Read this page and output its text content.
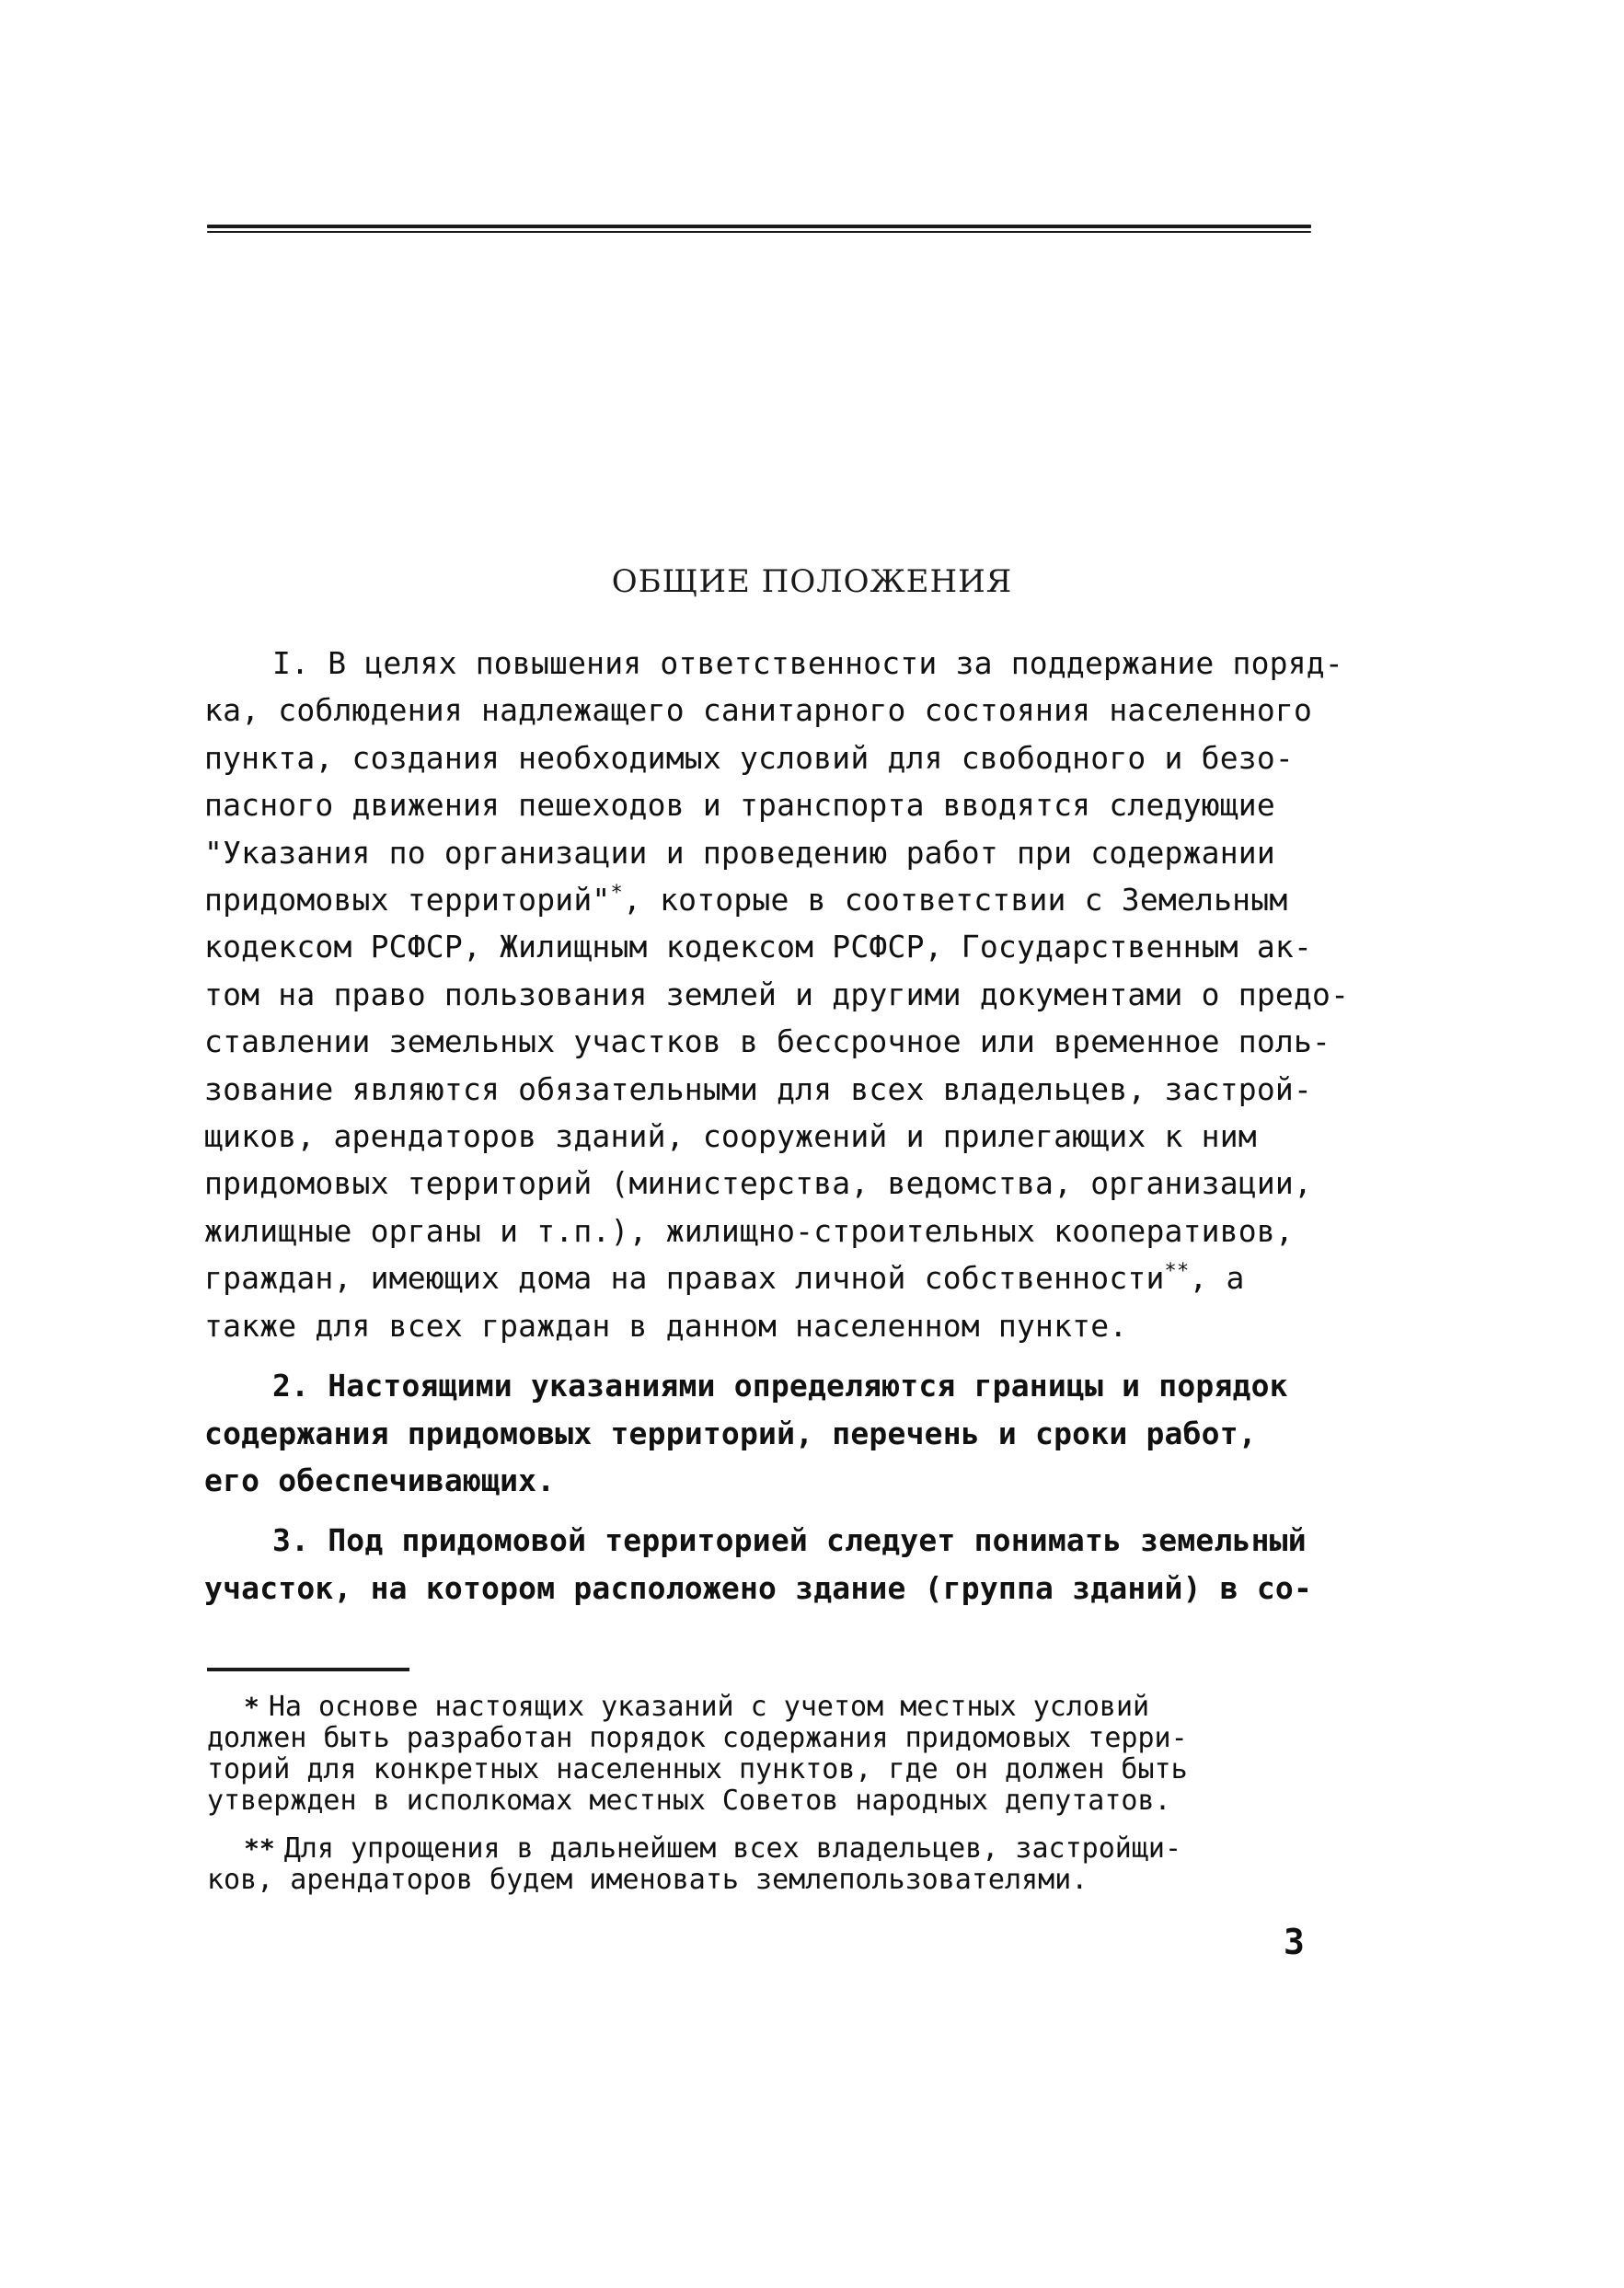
ОБЩИЕ ПОЛОЖЕНИЯ
I. В целях повышения ответственности за поддержание поряд-
ка, соблюдения надлежащего санитарного состояния населенного
пункта, создания необходимых условий для свободного и безо-
пасного движения пешеходов и транспорта вводятся следующие
"Указания по организации и проведению работ при содержании
придомовых территорий"*, которые в соответствии с Земельным
кодексом РСФСР, Жилищным кодексом РСФСР, Государственным ак-
том на право пользования землей и другими документами о предо-
ставлении земельных участков в бессрочное или временное поль-
зование являются обязательными для всех владельцев, застрой-
щиков, арендаторов зданий, сооружений и прилегающих к ним
придомовых территорий (министерства, ведомства, организации,
жилищные органы и т.п.), жилищно-строительных кооперативов,
граждан, имеющих дома на правах личной собственности**, а
также для всех граждан в данном населенном пункте.
2. Настоящими указаниями определяются границы и порядок
содержания придомовых территорий, перечень и сроки работ,
его обеспечивающих.
3. Под придомовой территорией следует понимать земельный
участок, на котором расположено здание (группа зданий) в со-
* На основе настоящих указаний с учетом местных условий
должен быть разработан порядок содержания придомовых терри-
торий для конкретных населенных пунктов, где он должен быть
утвержден в исполкомах местных Советов народных депутатов.
** Для упрощения в дальнейшем всех владельцев, застройщи-
ков, арендаторов будем именовать землепользователями.
3
